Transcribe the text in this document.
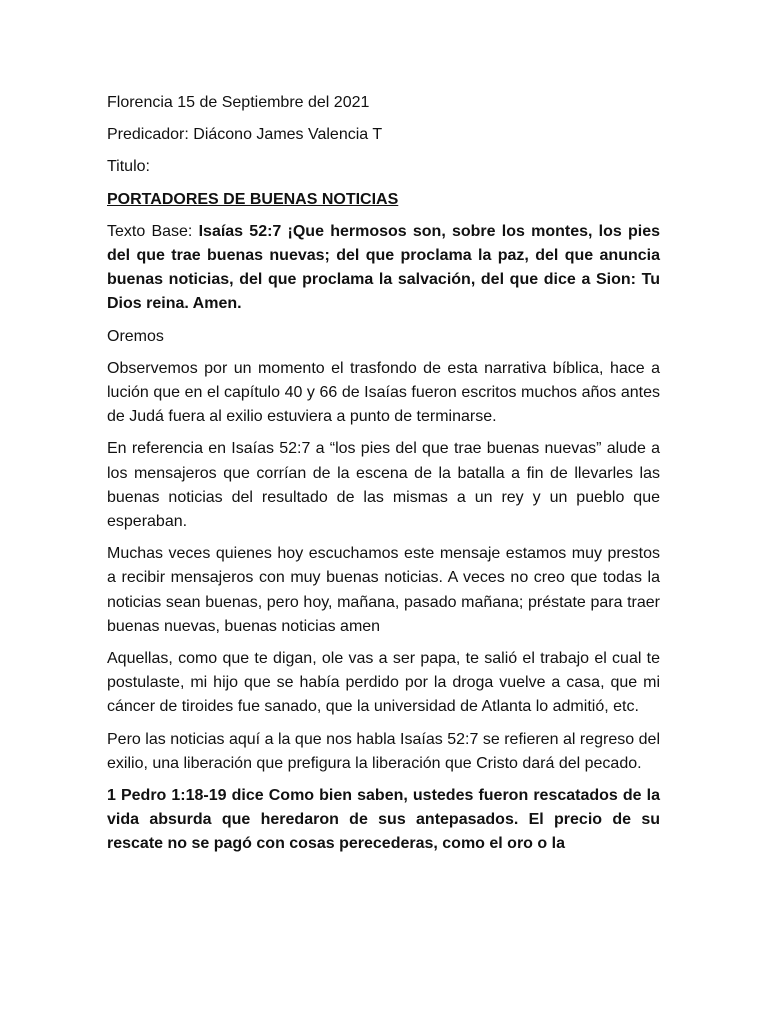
Florencia 15 de Septiembre del 2021

Predicador: Diácono James Valencia T

Titulo:

PORTADORES DE BUENAS NOTICIAS

Texto Base: Isaías 52:7 ¡Que hermosos son, sobre los montes, los pies del que trae buenas nuevas; del que proclama la paz, del que anuncia buenas noticias, del que proclama la salvación, del que dice a Sion: Tu Dios reina. Amen.

Oremos

Observemos por un momento el trasfondo de esta narrativa bíblica, hace a lución que en el capítulo 40 y 66 de Isaías fueron escritos muchos años antes de Judá fuera al exilio estuviera a punto de terminarse.

En referencia en Isaías 52:7 a “los pies del que trae buenas nuevas” alude a los mensajeros que corrían de la escena de la batalla a fin de llevarles las buenas noticias del resultado de las mismas a un rey y un pueblo que esperaban.

Muchas veces quienes hoy escuchamos este mensaje estamos muy prestos a recibir mensajeros con muy buenas noticias. A veces no creo que todas la noticias sean buenas, pero hoy, mañana, pasado mañana; préstate para traer buenas nuevas, buenas noticias amen

Aquellas, como que te digan, ole vas a ser papa, te salió el trabajo el cual te postulaste, mi hijo que se había perdido por la droga vuelve a casa, que mi cáncer de tiroides fue sanado, que la universidad de Atlanta lo admitió, etc.

Pero las noticias aquí a la que nos habla Isaías 52:7 se refieren al regreso del exilio, una liberación que prefigura la liberación que Cristo dará del pecado.

1 Pedro 1:18-19 dice Como bien saben, ustedes fueron rescatados de la vida absurda que heredaron de sus antepasados. El precio de su rescate no se pagó con cosas perecederas, como el oro o la
